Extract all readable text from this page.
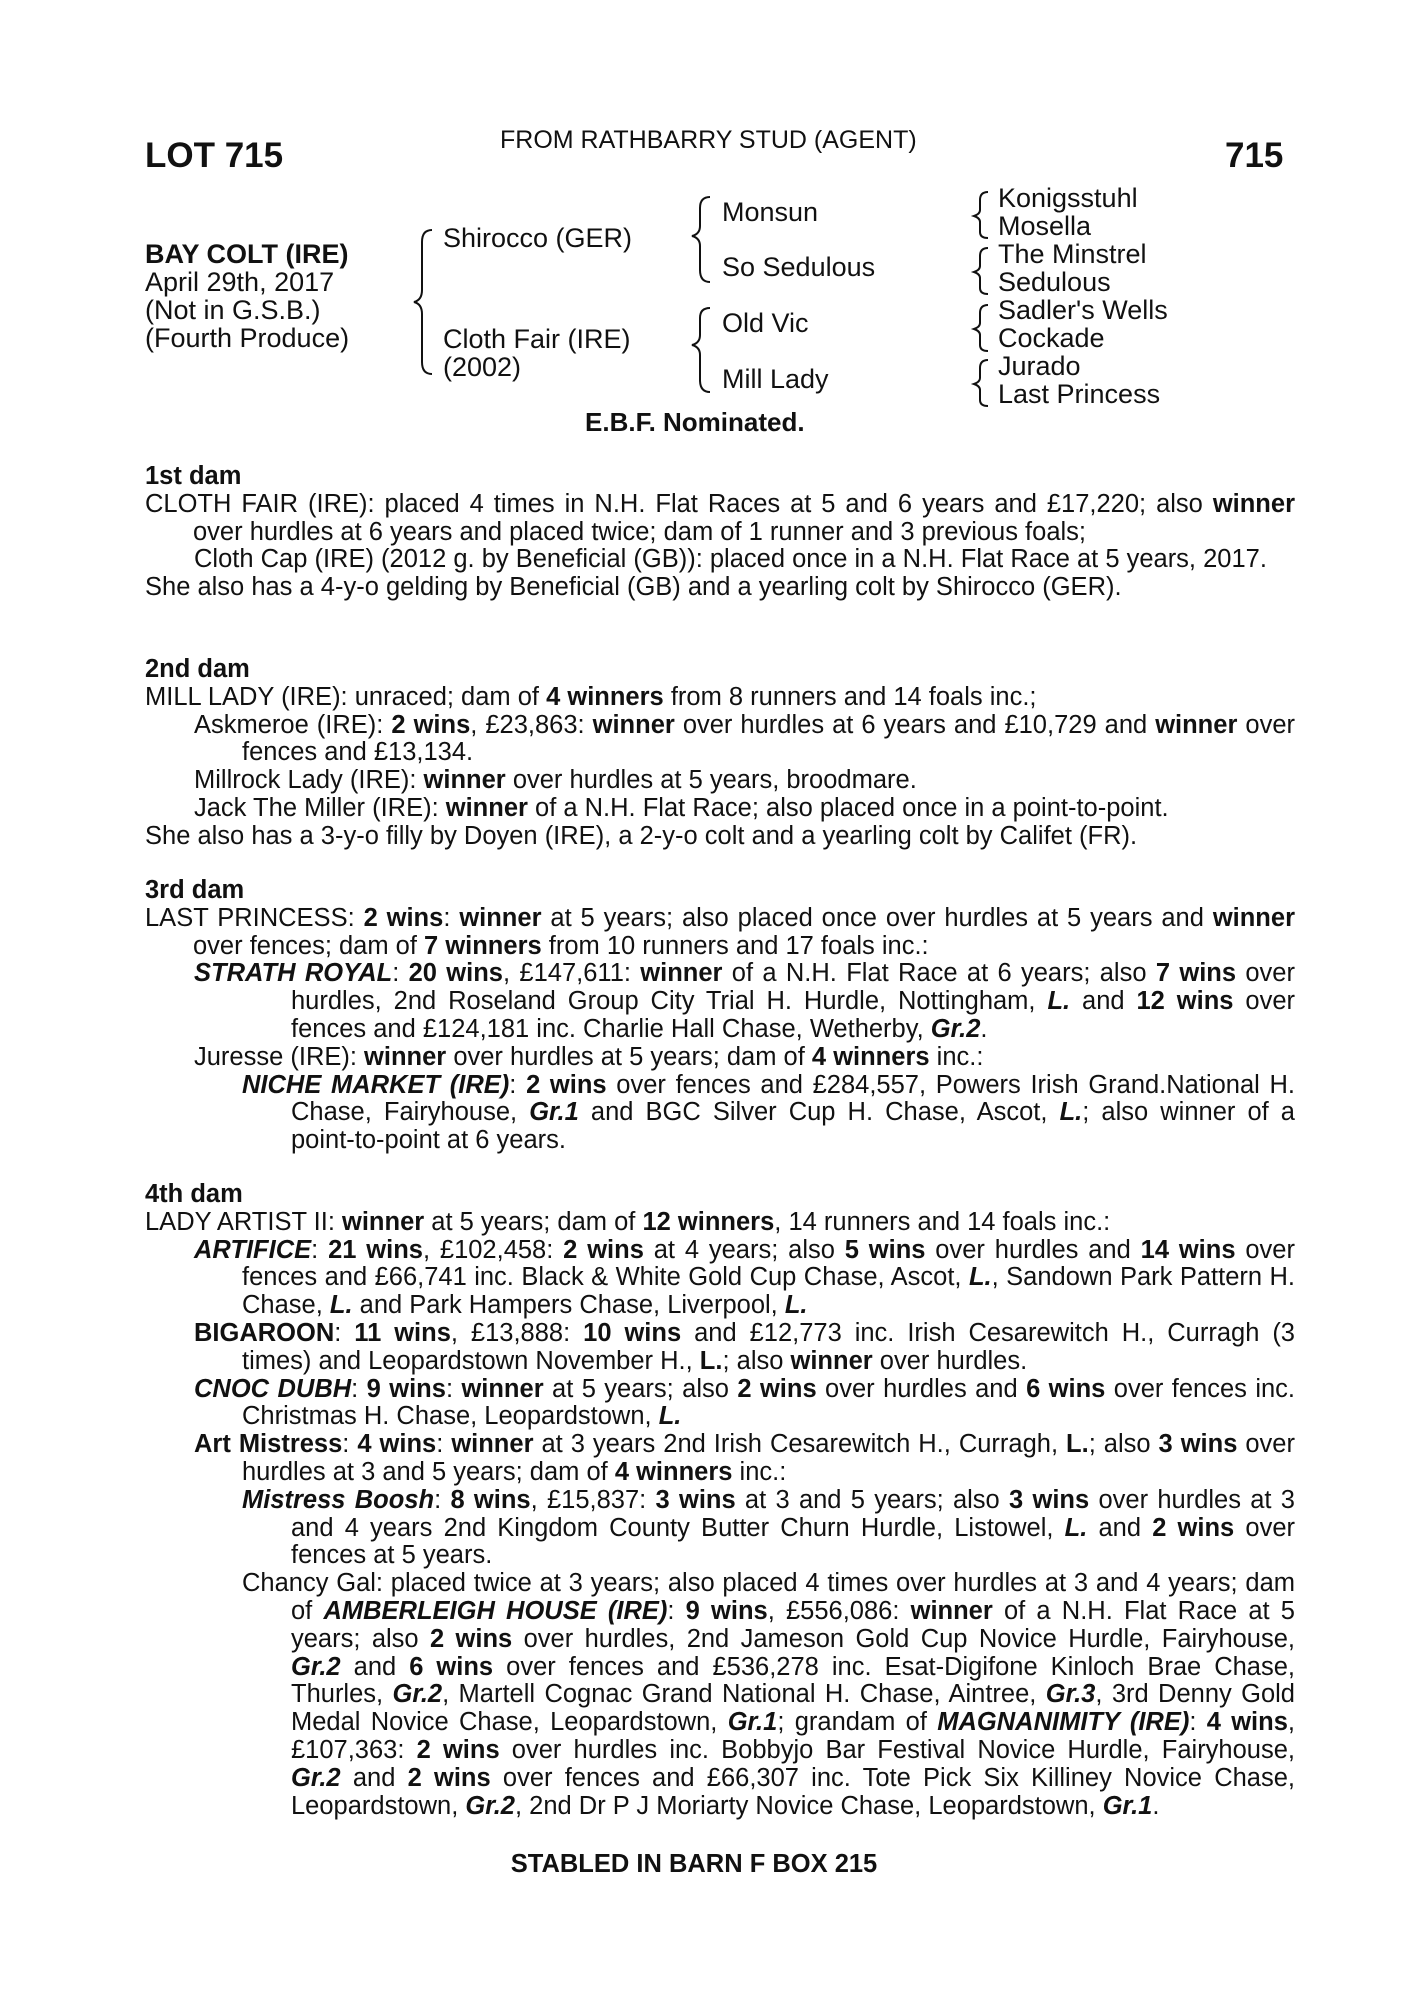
LOT 715	FROM RATHBARRY STUD (AGENT)	715
BAY COLT (IRE)
April 29th, 2017
(Not in G.S.B.)
(Fourth Produce)
Shirocco (GER)
Cloth Fair (IRE)
(2002)
Monsun
So Sedulous
Old Vic
Mill Lady
Konigsstuhl
Mosella
The Minstrel
Sedulous
Sadler's Wells
Cockade
Jurado
Last Princess
E.B.F. Nominated.
1st dam

CLOTH FAIR (IRE): placed 4 times in N.H. Flat Races at 5 and 6 years and £17,220; also winner over hurdles at 6 years and placed twice; dam of 1 runner and 3 previous foals;

Cloth Cap (IRE) (2012 g. by Beneficial (GB)): placed once in a N.H. Flat Race at 5 years, 2017.

She also has a 4-y-o gelding by Beneficial (GB) and a yearling colt by Shirocco (GER).

2nd dam

MILL LADY (IRE): unraced; dam of 4 winners from 8 runners and 14 foals inc.;

Askmeroe (IRE): 2 wins, £23,863: winner over hurdles at 6 years and £10,729 and winner over fences and £13,134.

Millrock Lady (IRE): winner over hurdles at 5 years, broodmare.

Jack The Miller (IRE): winner of a N.H. Flat Race; also placed once in a point-to-point.

She also has a 3-y-o filly by Doyen (IRE), a 2-y-o colt and a yearling colt by Califet (FR).

3rd dam

LAST PRINCESS: 2 wins: winner at 5 years; also placed once over hurdles at 5 years and winner over fences; dam of 7 winners from 10 runners and 17 foals inc.:

STRATH ROYAL: 20 wins, £147,611: winner of a N.H. Flat Race at 6 years; also 7 wins over hurdles, 2nd Roseland Group City Trial H. Hurdle, Nottingham, L. and 12 wins over fences and £124,181 inc. Charlie Hall Chase, Wetherby, Gr.2.

Juresse (IRE): winner over hurdles at 5 years; dam of 4 winners inc.:

NICHE MARKET (IRE): 2 wins over fences and £284,557, Powers Irish Grand.National H. Chase, Fairyhouse, Gr.1 and BGC Silver Cup H. Chase, Ascot, L.; also winner of a point-to-point at 6 years.

4th dam

LADY ARTIST II: winner at 5 years; dam of 12 winners, 14 runners and 14 foals inc.:

ARTIFICE: 21 wins, £102,458: 2 wins at 4 years; also 5 wins over hurdles and 14 wins over fences and £66,741 inc. Black & White Gold Cup Chase, Ascot, L., Sandown Park Pattern H. Chase, L. and Park Hampers Chase, Liverpool, L.

BIGAROON: 11 wins, £13,888: 10 wins and £12,773 inc. Irish Cesarewitch H., Curragh (3 times) and Leopardstown November H., L.; also winner over hurdles.

CNOC DUBH: 9 wins: winner at 5 years; also 2 wins over hurdles and 6 wins over fences inc. Christmas H. Chase, Leopardstown, L.

Art Mistress: 4 wins: winner at 3 years 2nd Irish Cesarewitch H., Curragh, L.; also 3 wins over hurdles at 3 and 5 years; dam of 4 winners inc.:

Mistress Boosh: 8 wins, £15,837: 3 wins at 3 and 5 years; also 3 wins over hurdles at 3 and 4 years 2nd Kingdom County Butter Churn Hurdle, Listowel, L. and 2 wins over fences at 5 years.

Chancy Gal: placed twice at 3 years; also placed 4 times over hurdles at 3 and 4 years; dam of AMBERLEIGH HOUSE (IRE): 9 wins, £556,086: winner of a N.H. Flat Race at 5 years; also 2 wins over hurdles, 2nd Jameson Gold Cup Novice Hurdle, Fairyhouse, Gr.2 and 6 wins over fences and £536,278 inc. Esat-Digifone Kinloch Brae Chase, Thurles, Gr.2, Martell Cognac Grand National H. Chase, Aintree, Gr.3, 3rd Denny Gold Medal Novice Chase, Leopardstown, Gr.1; grandam of MAGNANIMITY (IRE): 4 wins, £107,363: 2 wins over hurdles inc. Bobbyjo Bar Festival Novice Hurdle, Fairyhouse, Gr.2 and 2 wins over fences and £66,307 inc. Tote Pick Six Killiney Novice Chase, Leopardstown, Gr.2, 2nd Dr P J Moriarty Novice Chase, Leopardstown, Gr.1.

STABLED IN BARN F BOX 215
